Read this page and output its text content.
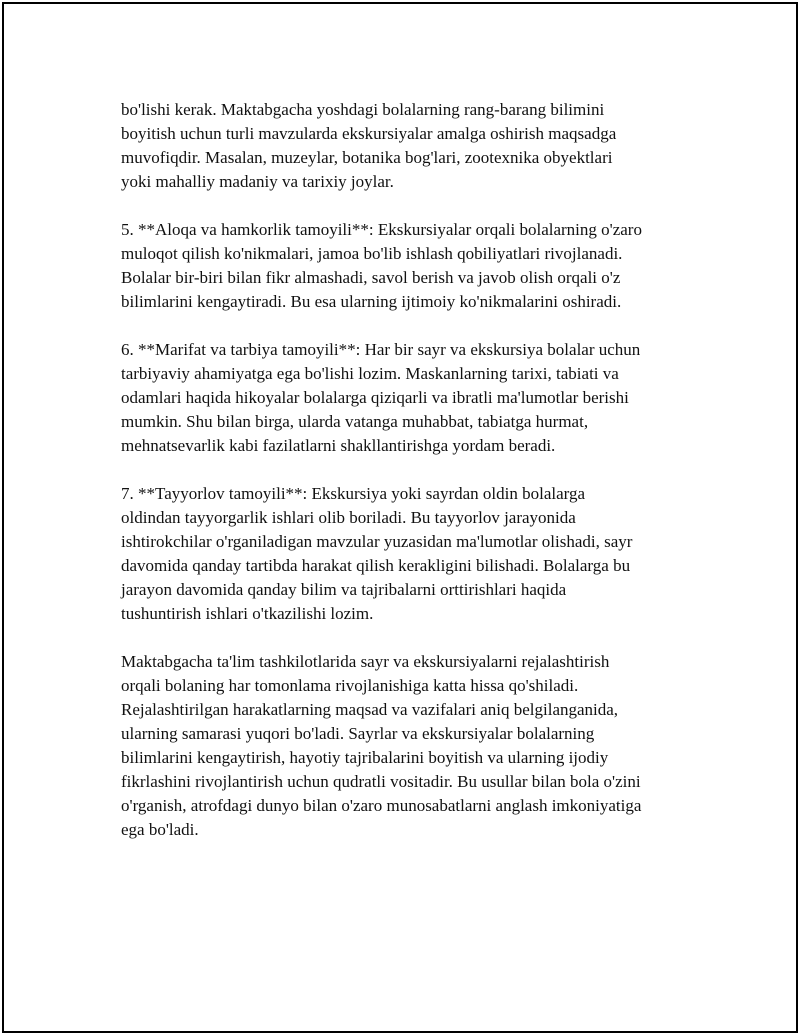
bo'lishi kerak. Maktabgacha yoshdagi bolalarning rang-barang bilimini
boyitish uchun turli mavzularda ekskursiyalar amalga oshirish maqsadga
muvofiqdir. Masalan, muzeylar, botanika bog'lari, zootexnika obyektlari
yoki mahalliy madaniy va tarixiy joylar.

5. **Aloqa va hamkorlik tamoyili**: Ekskursiyalar orqali bolalarning o'zaro
muloqot qilish ko'nikmalari, jamoa bo'lib ishlash qobiliyatlari rivojlanadi.
Bolalar bir-biri bilan fikr almashadi, savol berish va javob olish orqali o'z
bilimlarini kengaytiradi. Bu esa ularning ijtimoiy ko'nikmalarini oshiradi.

6. **Marifat va tarbiya tamoyili**: Har bir sayr va ekskursiya bolalar uchun
tarbiyaviy ahamiyatga ega bo'lishi lozim. Maskanlarning tarixi, tabiati va
odamlari haqida hikoyalar bolalarga qiziqarli va ibratli ma'lumotlar berishi
mumkin. Shu bilan birga, ularda vatanga muhabbat, tabiatga hurmat,
mehnatsevarlik kabi fazilatlarni shakllantirishga yordam beradi.

7. **Tayyorlov tamoyili**: Ekskursiya yoki sayrdan oldin bolalarga
oldindan tayyorgarlik ishlari olib boriladi. Bu tayyorlov jarayonida
ishtirokchilar o'rganiladigan mavzular yuzasidan ma'lumotlar olishadi, sayr
davomida qanday tartibda harakat qilish kerakligini bilishadi. Bolalarga bu
jarayon davomida qanday bilim va tajribalarni orttirishlari haqida
tushuntirish ishlari o'tkazilishi lozim.

Maktabgacha ta'lim tashkilotlarida sayr va ekskursiyalarni rejalashtirish
orqali bolaning har tomonlama rivojlanishiga katta hissa qo'shiladi.
Rejalashtirilgan harakatlarning maqsad va vazifalari aniq belgilanganida,
ularning samarasi yuqori bo'ladi. Sayrlar va ekskursiyalar bolalarning
bilimlarini kengaytirish, hayotiy tajribalarini boyitish va ularning ijodiy
fikrlashini rivojlantirish uchun qudratli vositadir. Bu usullar bilan bola o'zini
o'rganish, atrofdagi dunyo bilan o'zaro munosabatlarni anglash imkoniyatiga
ega bo'ladi.
